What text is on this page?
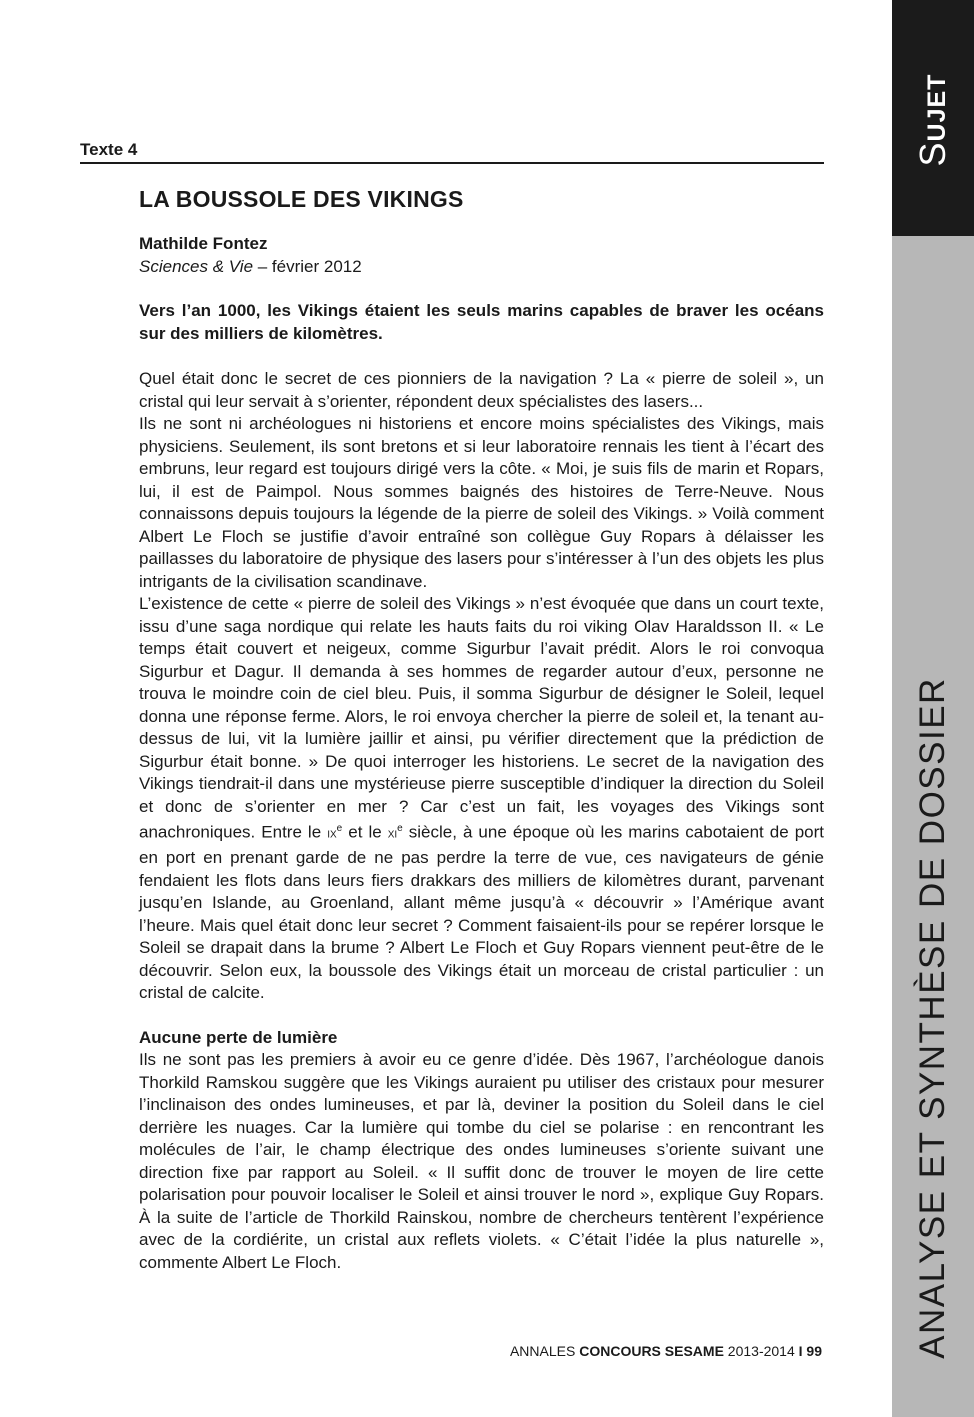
SUJET
ANALYSE ET SYNTHÈSE DE DOSSIER
Texte 4
LA BOUSSOLE DES VIKINGS

Mathilde Fontez

Sciences & Vie – février 2012

Vers l’an 1000, les Vikings étaient les seuls marins capables de braver les océans sur des milliers de kilomètres.

Quel était donc le secret de ces pionniers de la navigation ? La « pierre de soleil », un cristal qui leur servait à s’orienter, répondent deux spécialistes des lasers...

Ils ne sont ni archéologues ni historiens et encore moins spécialistes des Vikings, mais physiciens. Seulement, ils sont bretons et si leur laboratoire rennais les tient à l’écart des embruns, leur regard est toujours dirigé vers la côte. « Moi, je suis fils de marin et Ropars, lui, il est de Paimpol. Nous sommes baignés des histoires de Terre-Neuve. Nous connaissons depuis toujours la légende de la pierre de soleil des Vikings. » Voilà comment Albert Le Floch se justifie d’avoir entraîné son collègue Guy Ropars à délaisser les paillasses du laboratoire de physique des lasers pour s’intéresser à l’un des objets les plus intrigants de la civilisation scandinave.

L’existence de cette « pierre de soleil des Vikings » n’est évoquée que dans un court texte, issu d’une saga nordique qui relate les hauts faits du roi viking Olav Haraldsson II. « Le temps était couvert et neigeux, comme Sigurbur l’avait prédit. Alors le roi convoqua Sigurbur et Dagur. Il demanda à ses hommes de regarder autour d’eux, personne ne trouva le moindre coin de ciel bleu. Puis, il somma Sigurbur de désigner le Soleil, lequel donna une réponse ferme. Alors, le roi envoya chercher la pierre de soleil et, la tenant au-dessus de lui, vit la lumière jaillir et ainsi, pu vérifier directement que la prédiction de Sigurbur était bonne. » De quoi interroger les historiens. Le secret de la navigation des Vikings tiendrait-il dans une mystérieuse pierre susceptible d’indiquer la direction du Soleil et donc de s’orienter en mer ? Car c’est un fait, les voyages des Vikings sont anachroniques. Entre le IXe et le XIe siècle, à une époque où les marins cabotaient de port en port en prenant garde de ne pas perdre la terre de vue, ces navigateurs de génie fendaient les flots dans leurs fiers drakkars des milliers de kilomètres durant, parvenant jusqu’en Islande, au Groenland, allant même jusqu’à « découvrir » l’Amérique avant l’heure. Mais quel était donc leur secret ? Comment faisaient-ils pour se repérer lorsque le Soleil se drapait dans la brume ? Albert Le Floch et Guy Ropars viennent peut-être de le découvrir. Selon eux, la boussole des Vikings était un morceau de cristal particulier : un cristal de calcite.

Aucune perte de lumière

Ils ne sont pas les premiers à avoir eu ce genre d’idée. Dès 1967, l’archéologue danois Thorkild Ramskou suggère que les Vikings auraient pu utiliser des cristaux pour mesurer l’inclinaison des ondes lumineuses, et par là, deviner la position du Soleil dans le ciel derrière les nuages. Car la lumière qui tombe du ciel se polarise : en rencontrant les molécules de l’air, le champ électrique des ondes lumineuses s’oriente suivant une direction fixe par rapport au Soleil. « Il suffit donc de trouver le moyen de lire cette polarisation pour pouvoir localiser le Soleil et ainsi trouver le nord », explique Guy Ropars. À la suite de l’article de Thorkild Rainskou, nombre de chercheurs tentèrent l’expérience avec de la cordiérite, un cristal aux reflets violets. « C’était l’idée la plus naturelle », commente Albert Le Floch.

ANNALES CONCOURS SESAME 2013-2014 I 99
